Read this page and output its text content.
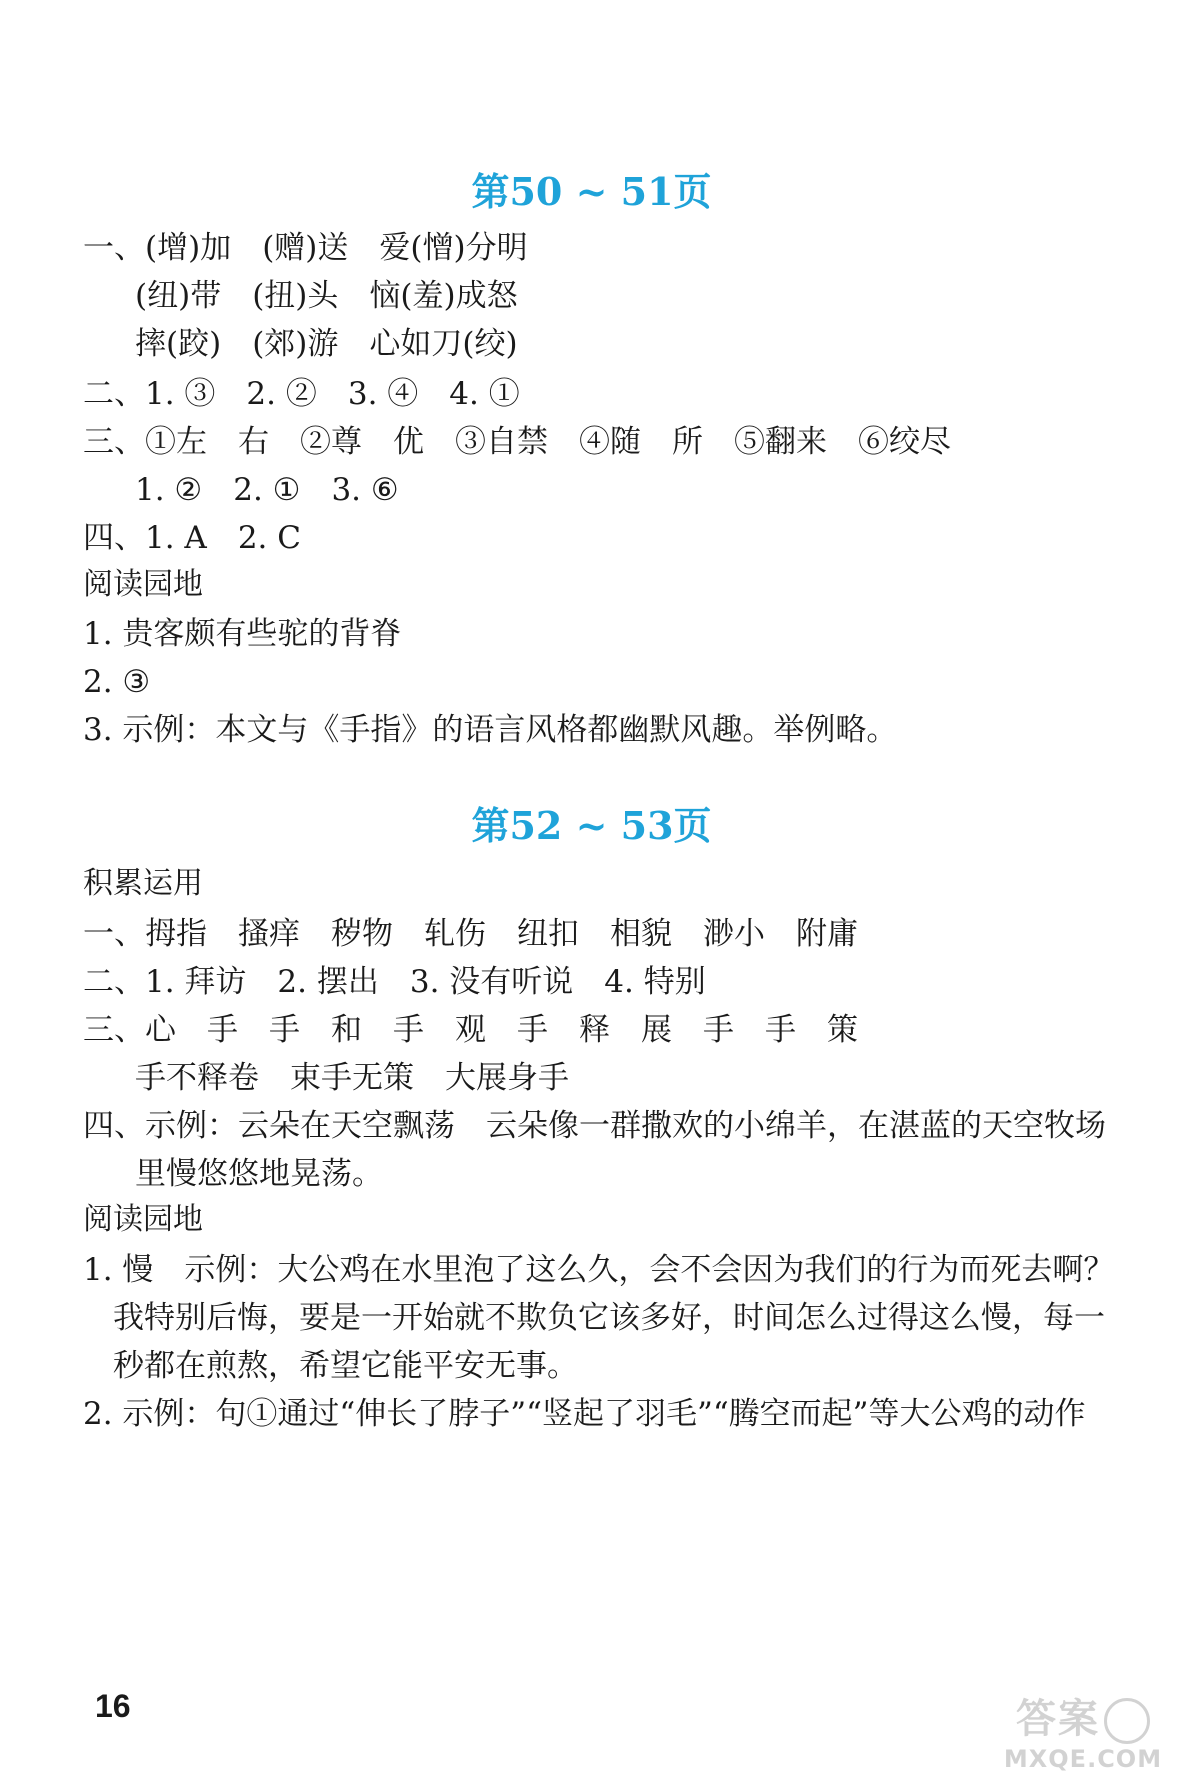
第50 ~ 51页
一、(增)加　(赠)送　爱(憎)分明
(纽)带　(扭)头　恼(羞)成怒
摔(跤)　(郊)游　心如刀(绞)
二、1. ③　2. ②　3. ④　4. ①
三、①左　右　②尊　优　③自禁　④随　所　⑤翻来　⑥绞尽
1. ②　2. ①　3. ⑥
四、1. A　2. C
阅读园地
1. 贵客颇有些驼的背脊
2. ③
3. 示例：本文与《手指》的语言风格都幽默风趣。举例略。
第52 ~ 53页
积累运用
一、拇指　搔痒　秽物　轧伤　纽扣　相貌　渺小　附庸
二、1. 拜访　2. 摆出　3. 没有听说　4. 特别
三、心　手　手　和　手　观　手　释　展　手　手　策
手不释卷　束手无策　大展身手
四、示例：云朵在天空飘荡　云朵像一群撒欢的小绵羊，在湛蓝的天空牧场
里慢悠悠地晃荡。
阅读园地
1. 慢　示例：大公鸡在水里泡了这么久，会不会因为我们的行为而死去啊？
我特别后悔，要是一开始就不欺负它该多好，时间怎么过得这么慢，每一
秒都在煎熬，希望它能平安无事。
2. 示例：句①通过“伸长了脖子”“竖起了羽毛”“腾空而起”等大公鸡的动作
16	答案
MXQE.COM
